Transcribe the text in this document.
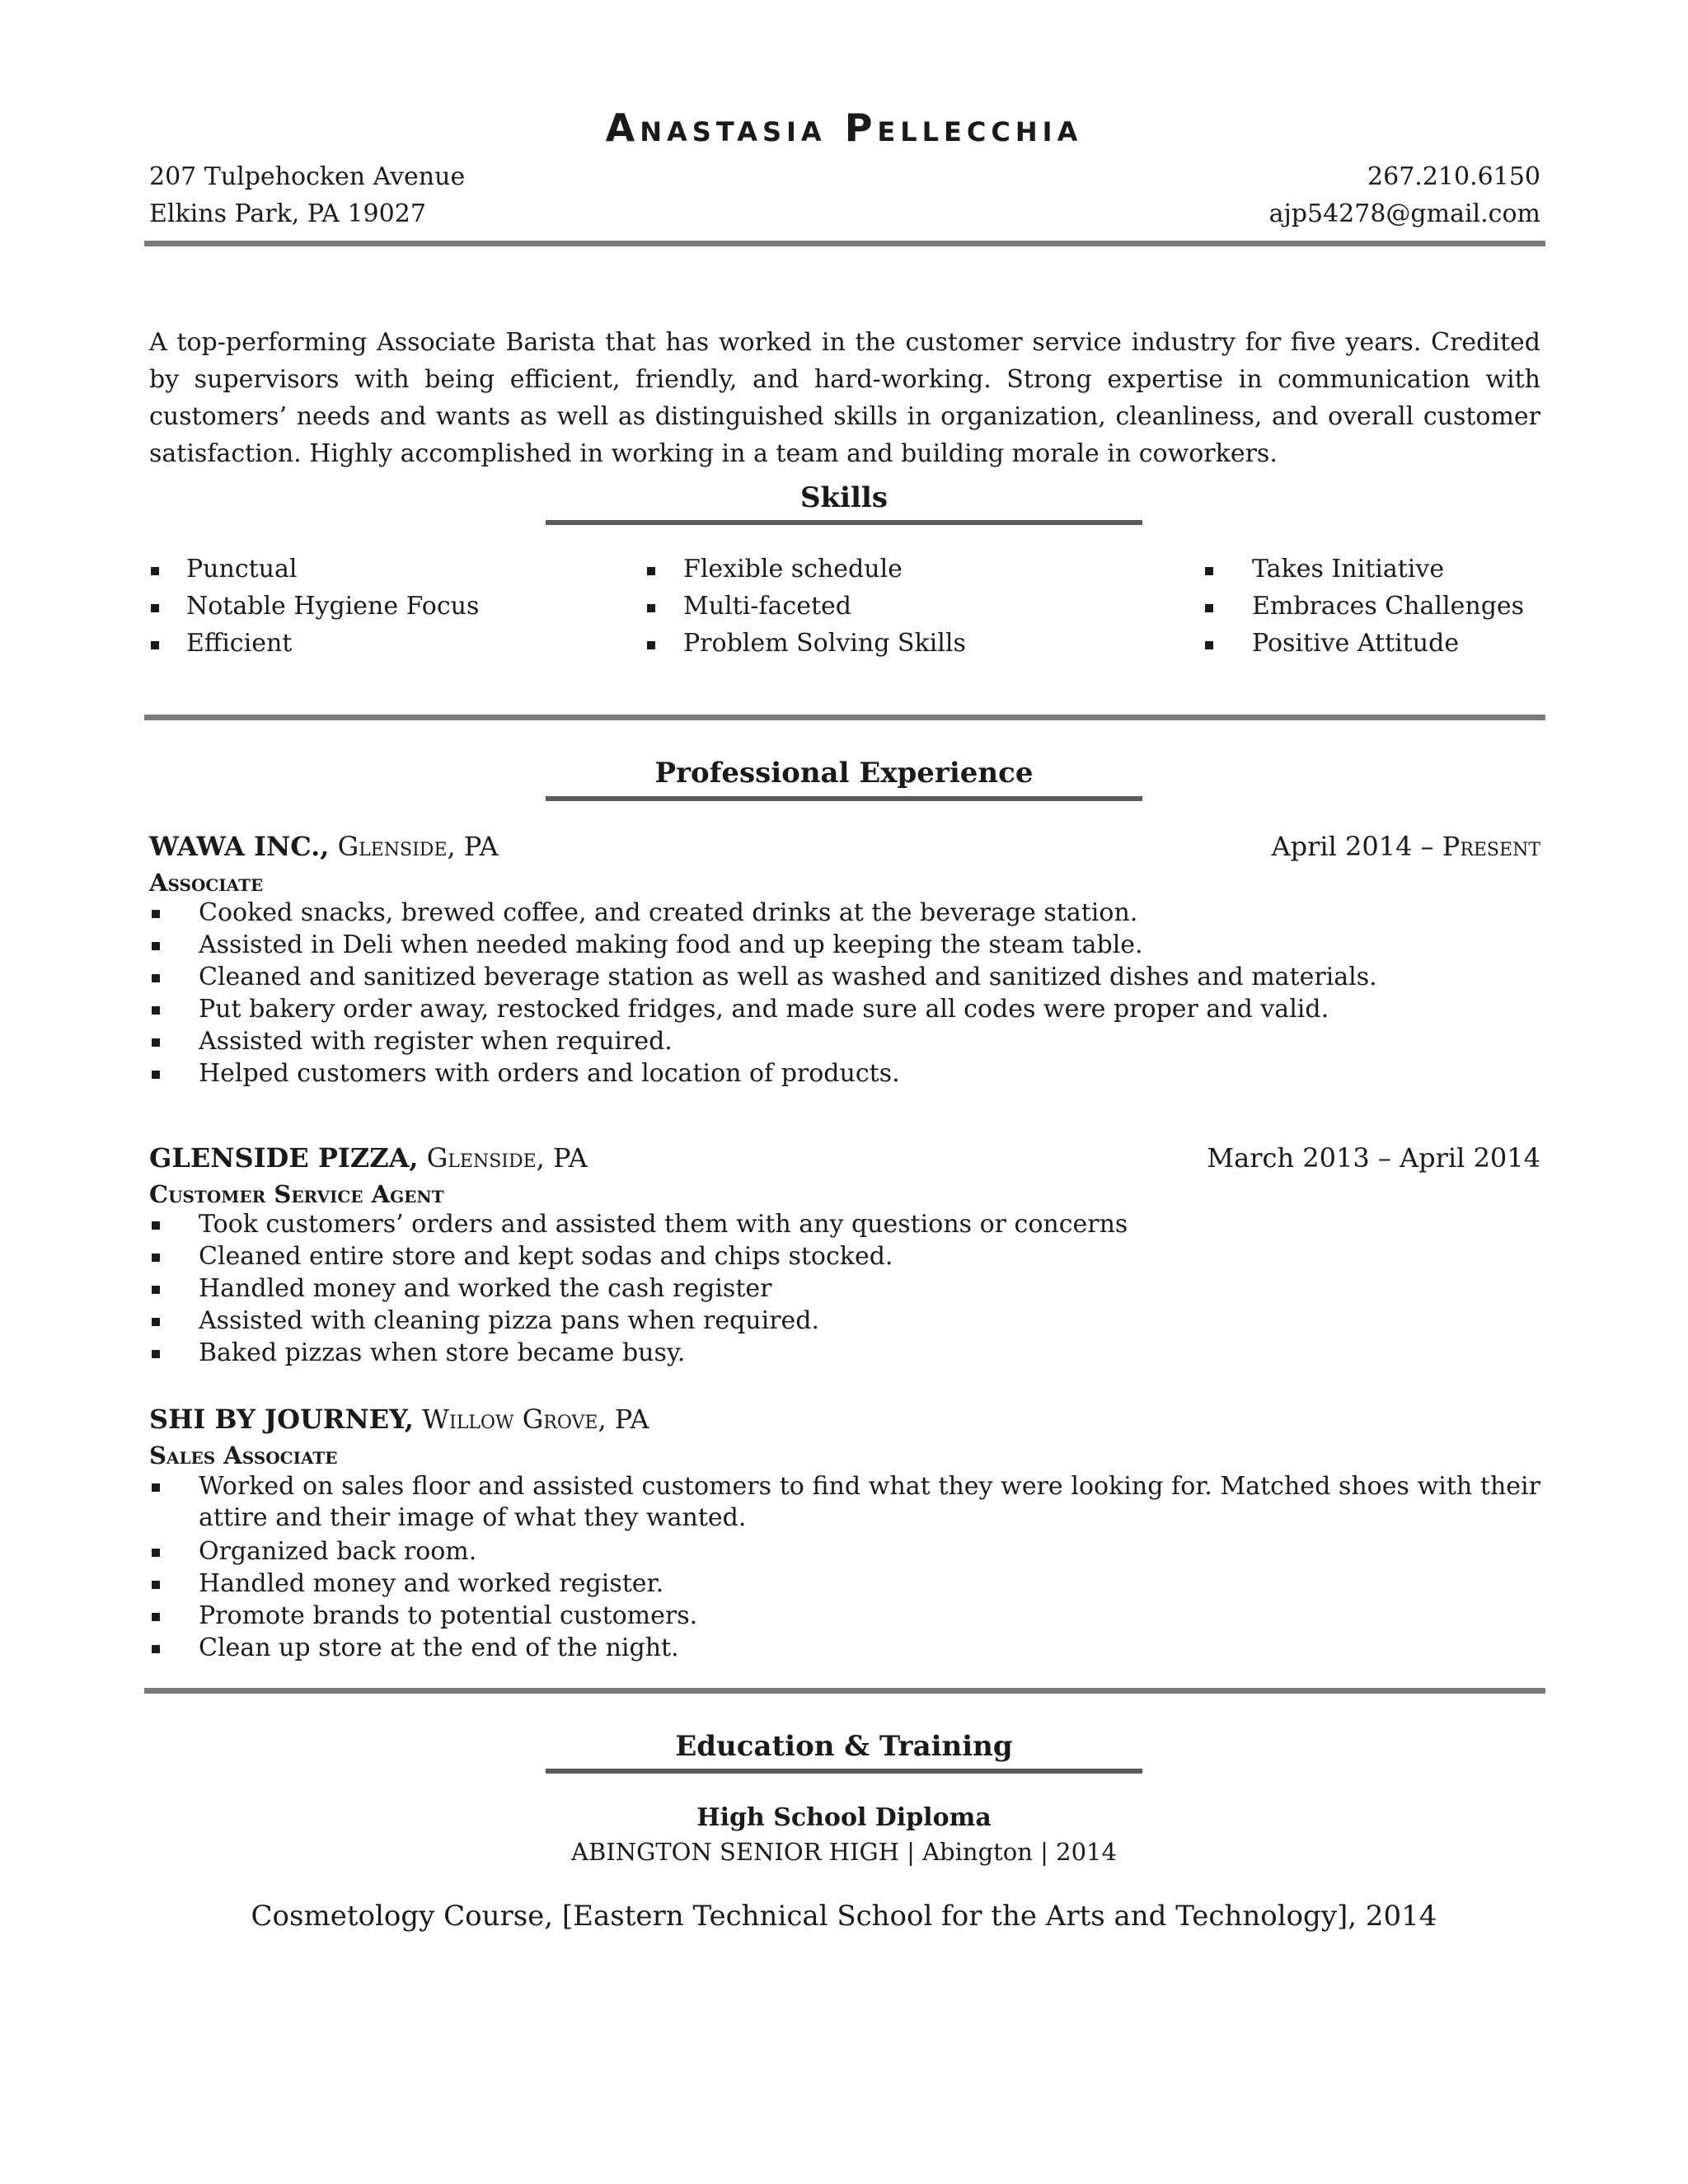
Anastasia Pellecchia
207 Tulpehocken Avenue
Elkins Park, PA 19027
267.210.6150
ajp54278@gmail.com
A top-performing Associate Barista that has worked in the customer service industry for five years. Credited by supervisors with being efficient, friendly, and hard-working. Strong expertise in communication with customers’ needs and wants as well as distinguished skills in organization, cleanliness, and overall customer satisfaction. Highly accomplished in working in a team and building morale in coworkers.
Skills
Punctual
Notable Hygiene Focus
Efficient
Flexible schedule
Multi-faceted
Problem Solving Skills
Takes Initiative
Embraces Challenges
Positive Attitude
Professional Experience
WAWA INC., Glenside, PA	April 2014 – Present
Associate
Cooked snacks, brewed coffee, and created drinks at the beverage station.
Assisted in Deli when needed making food and up keeping the steam table.
Cleaned and sanitized beverage station as well as washed and sanitized dishes and materials.
Put bakery order away, restocked fridges, and made sure all codes were proper and valid.
Assisted with register when required.
Helped customers with orders and location of products.
GLENSIDE PIZZA, Glenside, PA	March 2013 – April 2014
Customer Service Agent
Took customers’ orders and assisted them with any questions or concerns
Cleaned entire store and kept sodas and chips stocked.
Handled money and worked the cash register
Assisted with cleaning pizza pans when required.
Baked pizzas when store became busy.
SHI BY JOURNEY, Willow Grove, PA
Sales Associate
Worked on sales floor and assisted customers to find what they were looking for. Matched shoes with their attire and their image of what they wanted.
Organized back room.
Handled money and worked register.
Promote brands to potential customers.
Clean up store at the end of the night.
Education & Training
High School Diploma
ABINGTON SENIOR HIGH | Abington | 2014
Cosmetology Course, [Eastern Technical School for the Arts and Technology], 2014
